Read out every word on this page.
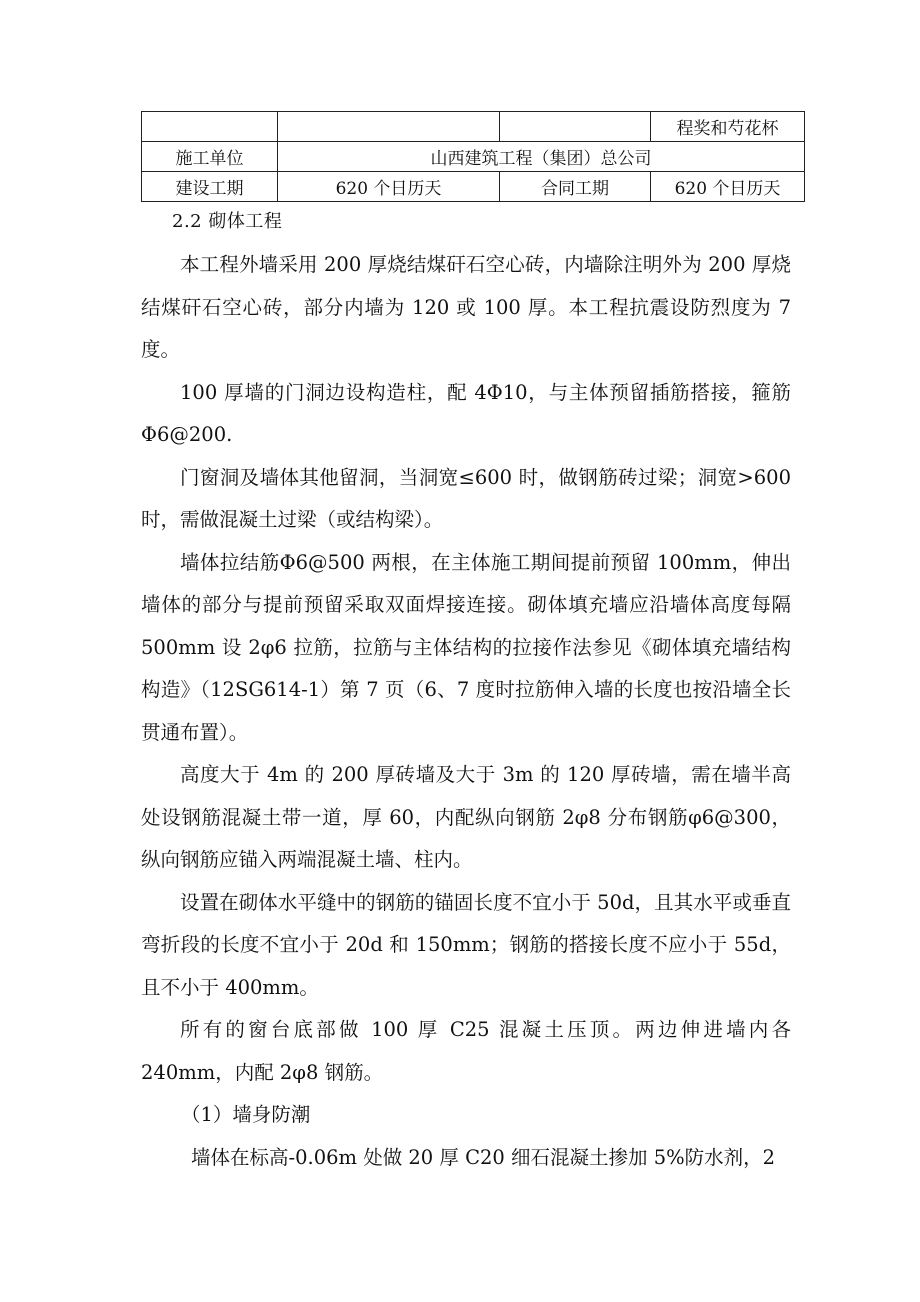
			程奖和芍花杯
施工单位	山西建筑工程（集团）总公司		
建设工期	620 个日历天	合同工期	620 个日历天
2.2 砌体工程

本工程外墙采用 200 厚烧结煤矸石空心砖，内墙除注明外为 200 厚烧结煤矸石空心砖，部分内墙为 120 或 100 厚。本工程抗震设防烈度为 7 度。

100 厚墙的门洞边设构造柱，配 4Φ10，与主体预留插筋搭接，箍筋Φ6@200.

门窗洞及墙体其他留洞，当洞宽≤600 时，做钢筋砖过梁；洞宽>600 时，需做混凝土过梁（或结构梁）。

墙体拉结筋Φ6@500 两根，在主体施工期间提前预留 100mm，伸出墙体的部分与提前预留采取双面焊接连接。砌体填充墙应沿墙体高度每隔 500mm 设 2φ6 拉筋，拉筋与主体结构的拉接作法参见《砌体填充墙结构构造》（12SG614-1）第 7 页（6、7 度时拉筋伸入墙的长度也按沿墙全长贯通布置）。

高度大于 4m 的 200 厚砖墙及大于 3m 的 120 厚砖墙，需在墙半高处设钢筋混凝土带一道，厚 60，内配纵向钢筋 2φ8 分布钢筋φ6@300，纵向钢筋应锚入两端混凝土墙、柱内。

设置在砌体水平缝中的钢筋的锚固长度不宜小于 50d，且其水平或垂直弯折段的长度不宜小于 20d 和 150mm；钢筋的搭接长度不应小于 55d，且不小于 400mm。

所有的窗台底部做 100 厚 C25 混凝土压顶。两边伸进墙内各 240mm，内配 2φ8 钢筋。

（1）墙身防潮

墙体在标高-0.06m 处做 20 厚 C20 细石混凝土掺加 5%防水剂，2
